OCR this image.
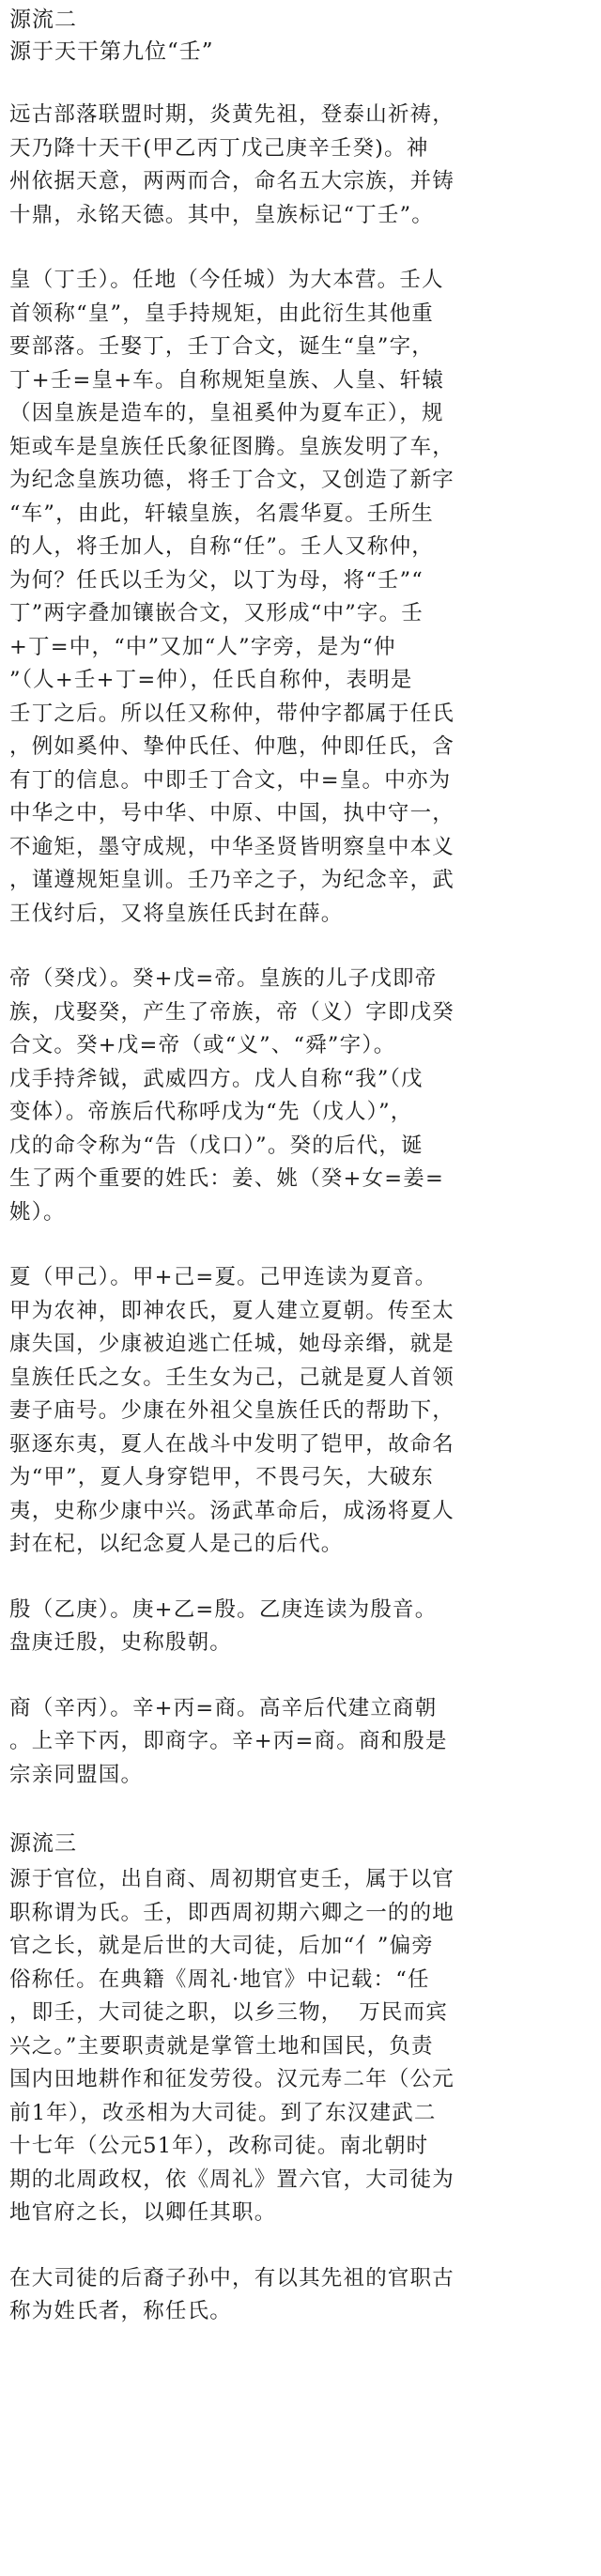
源流二
源于天干第九位“壬”
远古部落联盟时期，炎黄先祖，登泰山祈祷，
天乃降十天干(甲乙丙丁戊己庚辛壬癸)。神
州依据天意，两两而合，命名五大宗族，并铸
十鼎，永铭天德。其中，皇族标记“丁壬”。
皇（丁壬）。任地（今任城）为大本营。壬人
首领称“皇”，皇手持规矩，由此衍生其他重
要部落。壬娶丁，壬丁合文，诞生“皇”字，
丁+壬=皇+车。自称规矩皇族、人皇、轩辕
（因皇族是造车的，皇祖奚仲为夏车正），规
矩或车是皇族任氏象征图腾。皇族发明了车，
为纪念皇族功德，将壬丁合文，又创造了新字
“车”，由此，轩辕皇族，名震华夏。壬所生
的人，将壬加人，自称“任”。壬人又称仲，
为何？任氏以壬为父，以丁为母，将“壬”“
丁”两字叠加镶嵌合文，又形成“中”字。壬
+丁=中，“中”又加“人”字旁，是为“仲
”（人+壬+丁=仲），任氏自称仲，表明是
壬丁之后。所以任又称仲，带仲字都属于任氏
，例如奚仲、挚仲氏任、仲虺，仲即任氏，含
有丁的信息。中即壬丁合文，中=皇。中亦为
中华之中，号中华、中原、中国，执中守一，
不逾矩，墨守成规，中华圣贤皆明察皇中本义
，谨遵规矩皇训。壬乃辛之子，为纪念辛，武
王伐纣后，又将皇族任氏封在薛。
帝（癸戊）。癸+戊=帝。皇族的儿子戊即帝
族，戊娶癸，产生了帝族，帝（义）字即戊癸
合文。癸+戊=帝（或“义”、“舜”字）。
戊手持斧钺，武威四方。戊人自称“我”（戊
变体）。帝族后代称呼戊为“先（戊人）”，
戊的命令称为“告（戊口）”。癸的后代，诞
生了两个重要的姓氏：姜、姚（癸+女=姜=
姚）。
夏（甲己）。甲+己=夏。己甲连读为夏音。
甲为农神，即神农氏，夏人建立夏朝。传至太
康失国，少康被迫逃亡任城，她母亲缗，就是
皇族任氏之女。壬生女为己，己就是夏人首领
妻子庙号。少康在外祖父皇族任氏的帮助下，
驱逐东夷，夏人在战斗中发明了铠甲，故命名
为“甲”，夏人身穿铠甲，不畏弓矢，大破东
夷，史称少康中兴。汤武革命后，成汤将夏人
封在杞，以纪念夏人是己的后代。
殷（乙庚）。庚+乙=殷。乙庚连读为殷音。
盘庚迁殷，史称殷朝。
商（辛丙）。辛+丙=商。高辛后代建立商朝
。上辛下丙，即商字。辛+丙=商。商和殷是
宗亲同盟国。
源流三
源于官位，出自商、周初期官吏壬，属于以官
职称谓为氏。壬，即西周初期六卿之一的的地
官之长，就是后世的大司徒，后加“亻”偏旁
俗称任。在典籍《周礼·地官》中记载：“任
，即壬，大司徒之职，以乡三物，  万民而宾
兴之。”主要职责就是掌管土地和国民，负责
国内田地耕作和征发劳役。汉元寿二年（公元
前1年），改丞相为大司徒。到了东汉建武二
十七年（公元51年），改称司徒。南北朝时
期的北周政权，依《周礼》置六官，大司徒为
地官府之长，以卿任其职。
在大司徒的后裔子孙中，有以其先祖的官职古
称为姓氏者，称任氏。
